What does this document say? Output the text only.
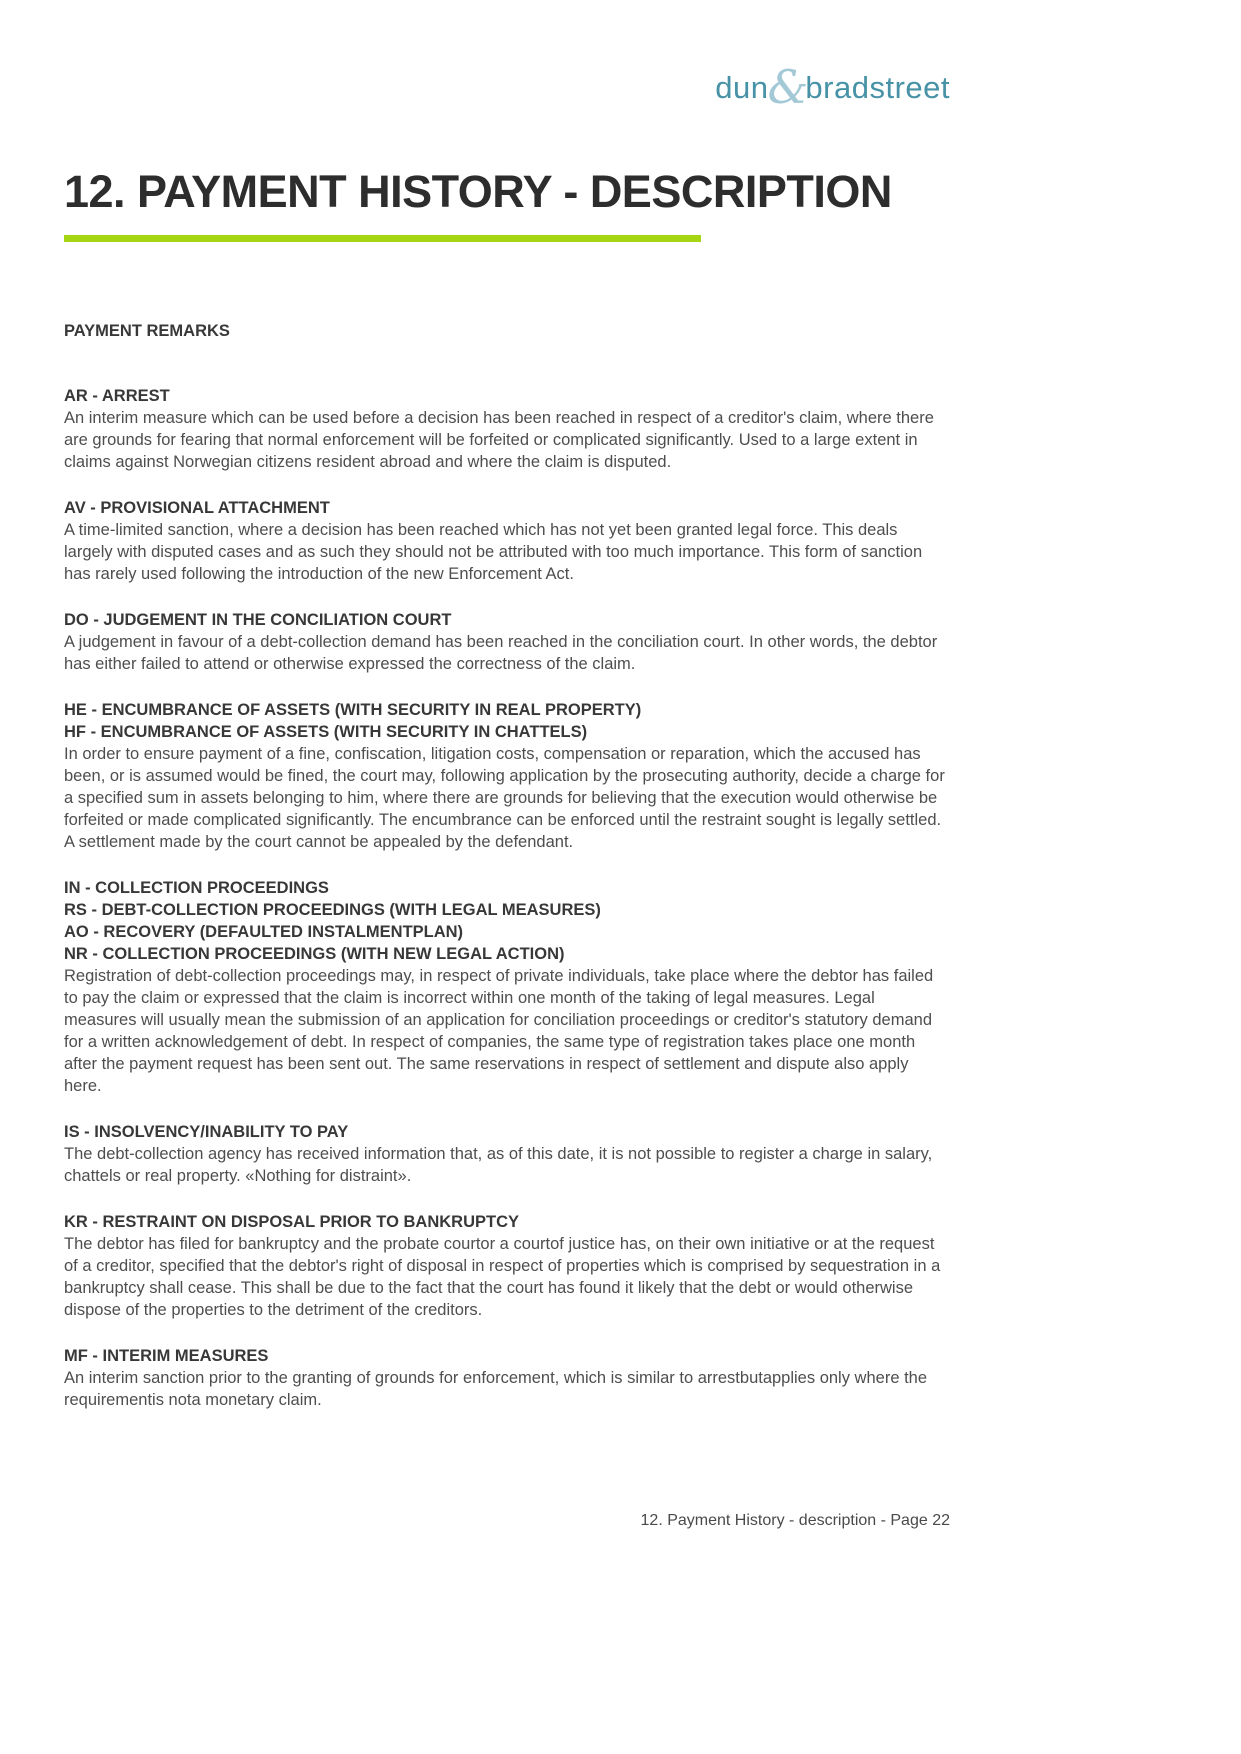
dun &
bradstreet
12. PAYMENT HISTORY - DESCRIPTION
PAYMENT REMARKS
AR - ARREST

An interim measure which can be used before a decision has been reached in respect of a creditor's claim, where there are grounds for fearing that normal enforcement will be forfeited or complicated significantly. Used to a large extent in claims against Norwegian citizens resident abroad and where the claim is disputed.

AV - PROVISIONAL ATTACHMENT

A time-limited sanction, where a decision has been reached which has not yet been granted legal force. This deals largely with disputed cases and as such they should not be attributed with too much importance. This form of sanction has rarely used following the introduction of the new Enforcement Act.

DO - JUDGEMENT IN THE CONCILIATION COURT

A judgement in favour of a debt-collection demand has been reached in the conciliation court. In other words, the debtor has either failed to attend or otherwise expressed the correctness of the claim.

HE - ENCUMBRANCE OF ASSETS (WITH SECURITY IN REAL PROPERTY)
HF - ENCUMBRANCE OF ASSETS (WITH SECURITY IN CHATTELS)

In order to ensure payment of a fine, confiscation, litigation costs, compensation or reparation, which the accused has been, or is assumed would be fined, the court may, following application by the prosecuting authority, decide a charge for a specified sum in assets belonging to him, where there are grounds for believing that the execution would otherwise be forfeited or made complicated significantly. The encumbrance can be enforced until the restraint sought is legally settled. A settlement made by the court cannot be appealed by the defendant.

IN - COLLECTION PROCEEDINGS
RS - DEBT-COLLECTION PROCEEDINGS (WITH LEGAL MEASURES)
AO - RECOVERY (DEFAULTED INSTALMENTPLAN)
NR - COLLECTION PROCEEDINGS (WITH NEW LEGAL ACTION)

Registration of debt-collection proceedings may, in respect of private individuals, take place where the debtor has failed to pay the claim or expressed that the claim is incorrect within one month of the taking of legal measures. Legal measures will usually mean the submission of an application for conciliation proceedings or creditor's statutory demand for a written acknowledgement of debt. In respect of companies, the same type of registration takes place one month after the payment request has been sent out. The same reservations in respect of settlement and dispute also apply here.

IS - INSOLVENCY/INABILITY TO PAY

The debt-collection agency has received information that, as of this date, it is not possible to register a charge in salary, chattels or real property. «Nothing for distraint».

KR - RESTRAINT ON DISPOSAL PRIOR TO BANKRUPTCY

The debtor has filed for bankruptcy and the probate courtor a courtof justice has, on their own initiative or at the request of a creditor, specified that the debtor's right of disposal in respect of properties which is comprised by sequestration in a bankruptcy shall cease. This shall be due to the fact that the court has found it likely that the debt or would otherwise dispose of the properties to the detriment of the creditors.

MF - INTERIM MEASURES

An interim sanction prior to the granting of grounds for enforcement, which is similar to arrestbutapplies only where the requirementis nota monetary claim.

12. Payment History - description - Page 22
